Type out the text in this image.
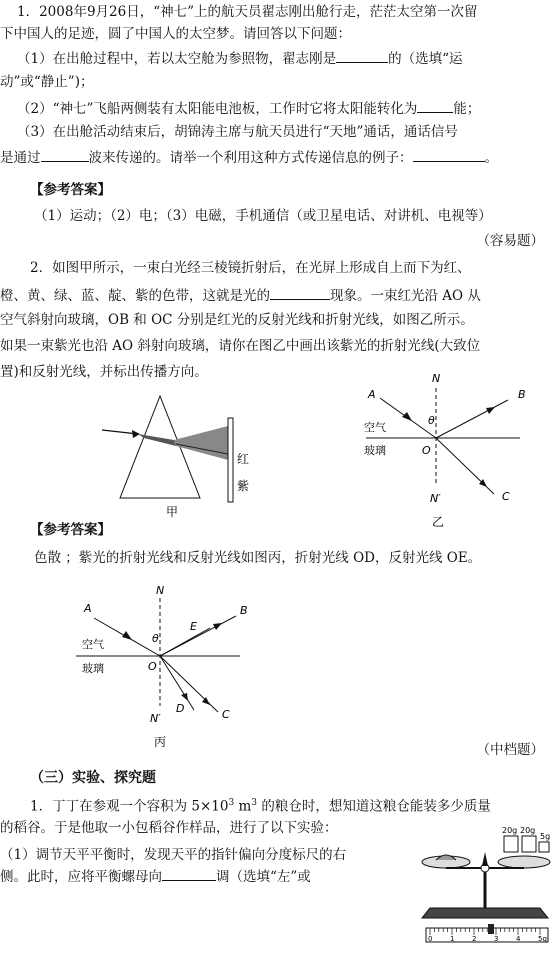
1．2008年9月26日，“神七”上的航天员翟志刚出舱行走，茫茫太空第一次留
下中国人的足迹，圆了中国人的太空梦。请回答以下问题：
（1）在出舱过程中，若以太空舱为参照物，翟志刚是	的（选填“运
动”或“静止”)；
（2）“神七”飞船两侧装有太阳能电池板，工作时它将太阳能转化为	能；
（3）在出舱活动结束后，胡锦涛主席与航天员进行“天地”通话，通话信号
是通过	波来传递的。请举一个利用这种方式传递信息的例子：	。
【参考答案】
（1）运动；（2）电；（3）电磁，手机通信（或卫星电话、对讲机、电视等）
（容易题）
2．如图甲所示，一束白光经三棱镜折射后，在光屏上形成自上而下为红、
橙、黄、绿、蓝、靛、紫的色带，这就是光的	现象。一束红光沿 AO 从
空气斜射向玻璃，OB 和 OC 分别是红光的反射光线和折射光线，如图乙所示。
如果一束紫光也沿 AO 斜射向玻璃，请你在图乙中画出该紫光的折射光线(大致位
置)和反射光线，并标出传播方向。
红
紫
甲
N
A	B
θ
空气
玻璃	O
C
N′
乙
【参考答案】
色散 ；紫光的折射光线和反射光线如图丙，折射光线 OD，反射光线 OE。
N
A	B
E
θ
空气
玻璃	O
D	C
N′
丙	（中档题）
（三）实验、探究题
1．丁丁在参观一个容积为 $5\times 10^3$ $m^3$ 的粮仓时，想知道这粮仓能装多少质量
的稻谷。于是他取一小包稻谷作样品，进行了以下实验：
（1）调节天平平衡时，发现天平的指针偏向分度标尺的右
侧。此时，应将平衡螺母向	调（选填“左”或
20g 20g
5g
0	1	2	3	4	5g
